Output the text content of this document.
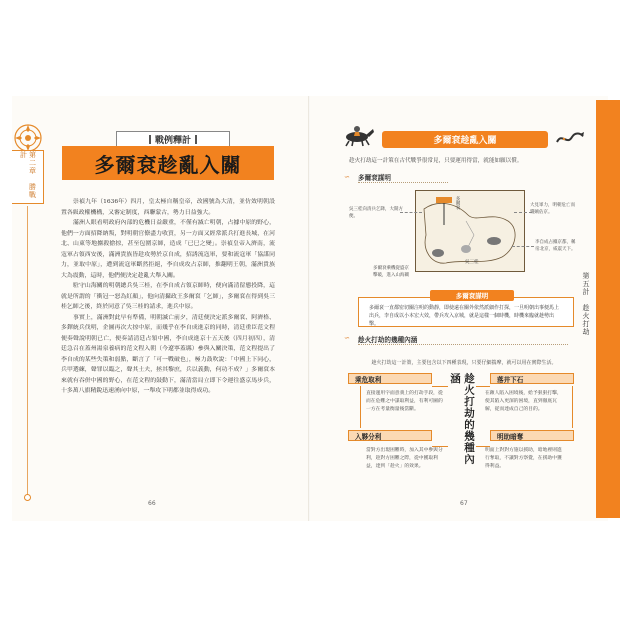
第二章　勝戰計
戰例釋計
多爾袞趁亂入關

崇禎九年（1636年）四月，皇太極自稱皇帝，改國號為大清，並仿效明朝設置各級政權機構，又審定制度，西聯蒙古，勢力日益強大。

滿洲人眼看明政府內部的危機日益嚴重，不僅有滅亡明朝，占據中原的野心，他們一方面招降納叛，對明朝官僚盡力收買，另一方面又經常派兵打進長城，在河北、山東等地擄殺搶掠，甚至包圍京師，造成「已巳之變」。崇禎皇帝入濟南，流寇軍占領西安後，滿洲貴族皆趁攻勢於京自成，招誘流寇軍，要和流寇軍「協謀同力，並取中原」，遭到流寇軍斷然拒絕，李自成攻占京師，推翻明王朝，滿洲貴族大為震動，這時，他們便決定趁亂大舉入關。

駐守山海關的明朝總兵吳三桂，在李自成占領京師時，便向滿清留態投降，這就是所謂的「衝冠一怒為紅顏」，他向清攝政王多爾袞「乞師」，多爾袞在得到吳三桂乞師之後，終於同意了吳三桂的請求，進兵中原。

事實上，滿洲對此早有準備，明朝滅亡前夕，清廷便決定派多爾袞、阿濟格、多鐸統兵伐明，企圖再次大掠中原，而幾乎在李自成進京的同時，清廷重臣范文程便奏聲說明朝已亡，便奏請清廷占領中國，李自成進京十五天後（四月初四），清廷急召在蓋州湯泉養病的范文程入朝（今遼寧蓋縣）參與入關決策，范文程提出了李自成的某些失策和弱點，斷言了「可一戰破也」，極力鼓吹說：「中國上下同心，兵甲選練，聲罪以臨之，聲其土夫，拯其黎庶，兵以義動，何功不成？」多爾袞本來就有吞併中國的野心，在范文程的鼓動下，滿清當局立即下令運往盛京馬步兵，十多萬八旗精銳迅速湧向中原，一舉攻下明都並取得成功。

66
多爾袞趁亂入關
趁火打劫這一計策在古代戰爭很常見，只要運用得當，就能如願以償。
∽	多爾袞謀明
吳三桂向清兵乞降，大開方便。
多爾袞	大見軍力，明朝危亡而殘賊佔京。
李自成占據京都，稱帝北京，威震天下。
多爾袞乘機從盛京擊破，進入山海關
吳三桂
多爾袞一直都密切關注明的動靜，即使遠在關外依然派細作打探，一旦明朝出事便馬上出兵，李自成以小本宏大效，帶兵攻入京城，就是這樣一個時機，時機來臨就趁勢出擊。
多爾袞謀明
∽	趁火打劫的幾種內涵
趁火打劫這一計策，主要包含以下四種表現，只要仔細揣摩，就可以用在實際生活。
乘危取利
直接運用字面意義上的打劫手段，從而在危難之中謀取利益，有利可圖的一方在考量衡量後當斷。
落井下石
在敵人陷入困境後，給予狠狠打擊，使其陷入更深的困境，直到徹底瓦解，從而達成自己的目的。
入夥分利
當對方出現困難時，加入其中參與分利，趁對方困難之際，從中獲取利益，達到「趁火」的效果。
明助暗奪
明面上對對方施以援助，暗地裡則進行奪取，不讓對方察覺，在援助中獲得利益。
趁火打劫的幾種內涵
第五計　趁火打劫
67
